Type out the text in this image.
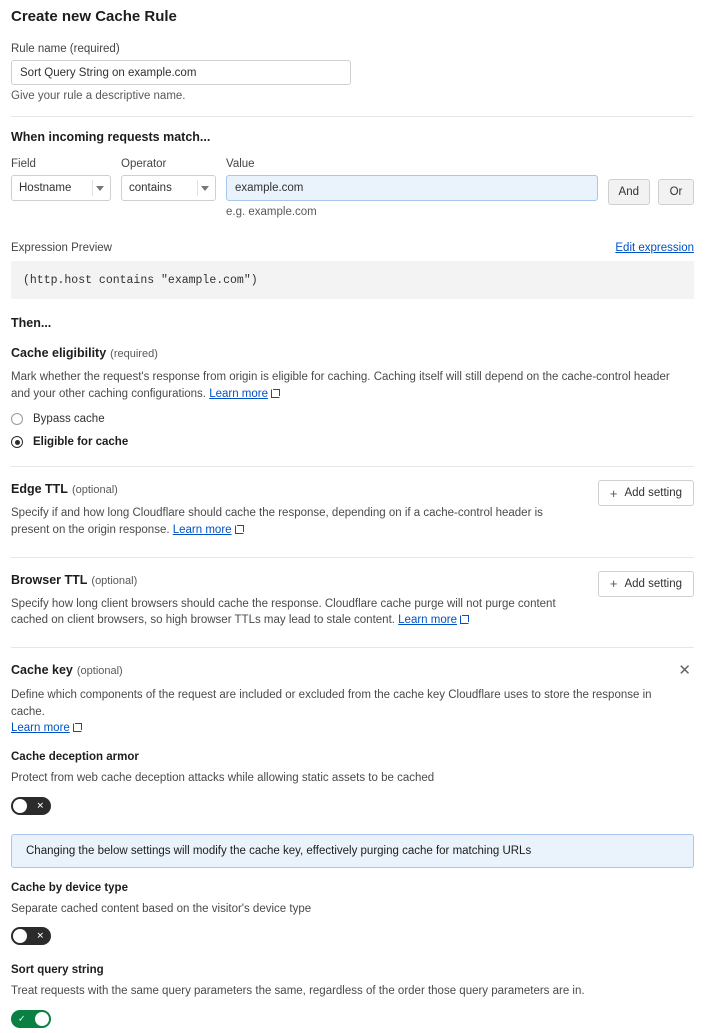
Create new Cache Rule
Rule name (required)
Sort Query String on example.com
Give your rule a descriptive name.
When incoming requests match...
Field
Hostname
Operator
contains
Value
example.com
e.g. example.com
And	Or
Expression Preview	Edit expression
(http.host contains "example.com")
Then...
Cache eligibility (required)
Mark whether the request's response from origin is eligible for caching. Caching itself will still depend on the cache-control header and your other caching configurations. Learn more
Bypass cache
Eligible for cache
Edge TTL (optional)
Specify if and how long Cloudflare should cache the response, depending on if a cache-control header is present on the origin response. Learn more
+ Add setting
Browser TTL (optional)
Specify how long client browsers should cache the response. Cloudflare cache purge will not purge content cached on client browsers, so high browser TTLs may lead to stale content. Learn more
+ Add setting
Cache key (optional)	✕
Define which components of the request are included or excluded from the cache key Cloudflare uses to store the response in cache.
Learn more
Cache deception armor
Protect from web cache deception attacks while allowing static assets to be cached
✕
Changing the below settings will modify the cache key, effectively purging cache for matching URLs
Cache by device type
Separate cached content based on the visitor's device type
✕
Sort query string
Treat requests with the same query parameters the same, regardless of the order those query parameters are in.
✓
